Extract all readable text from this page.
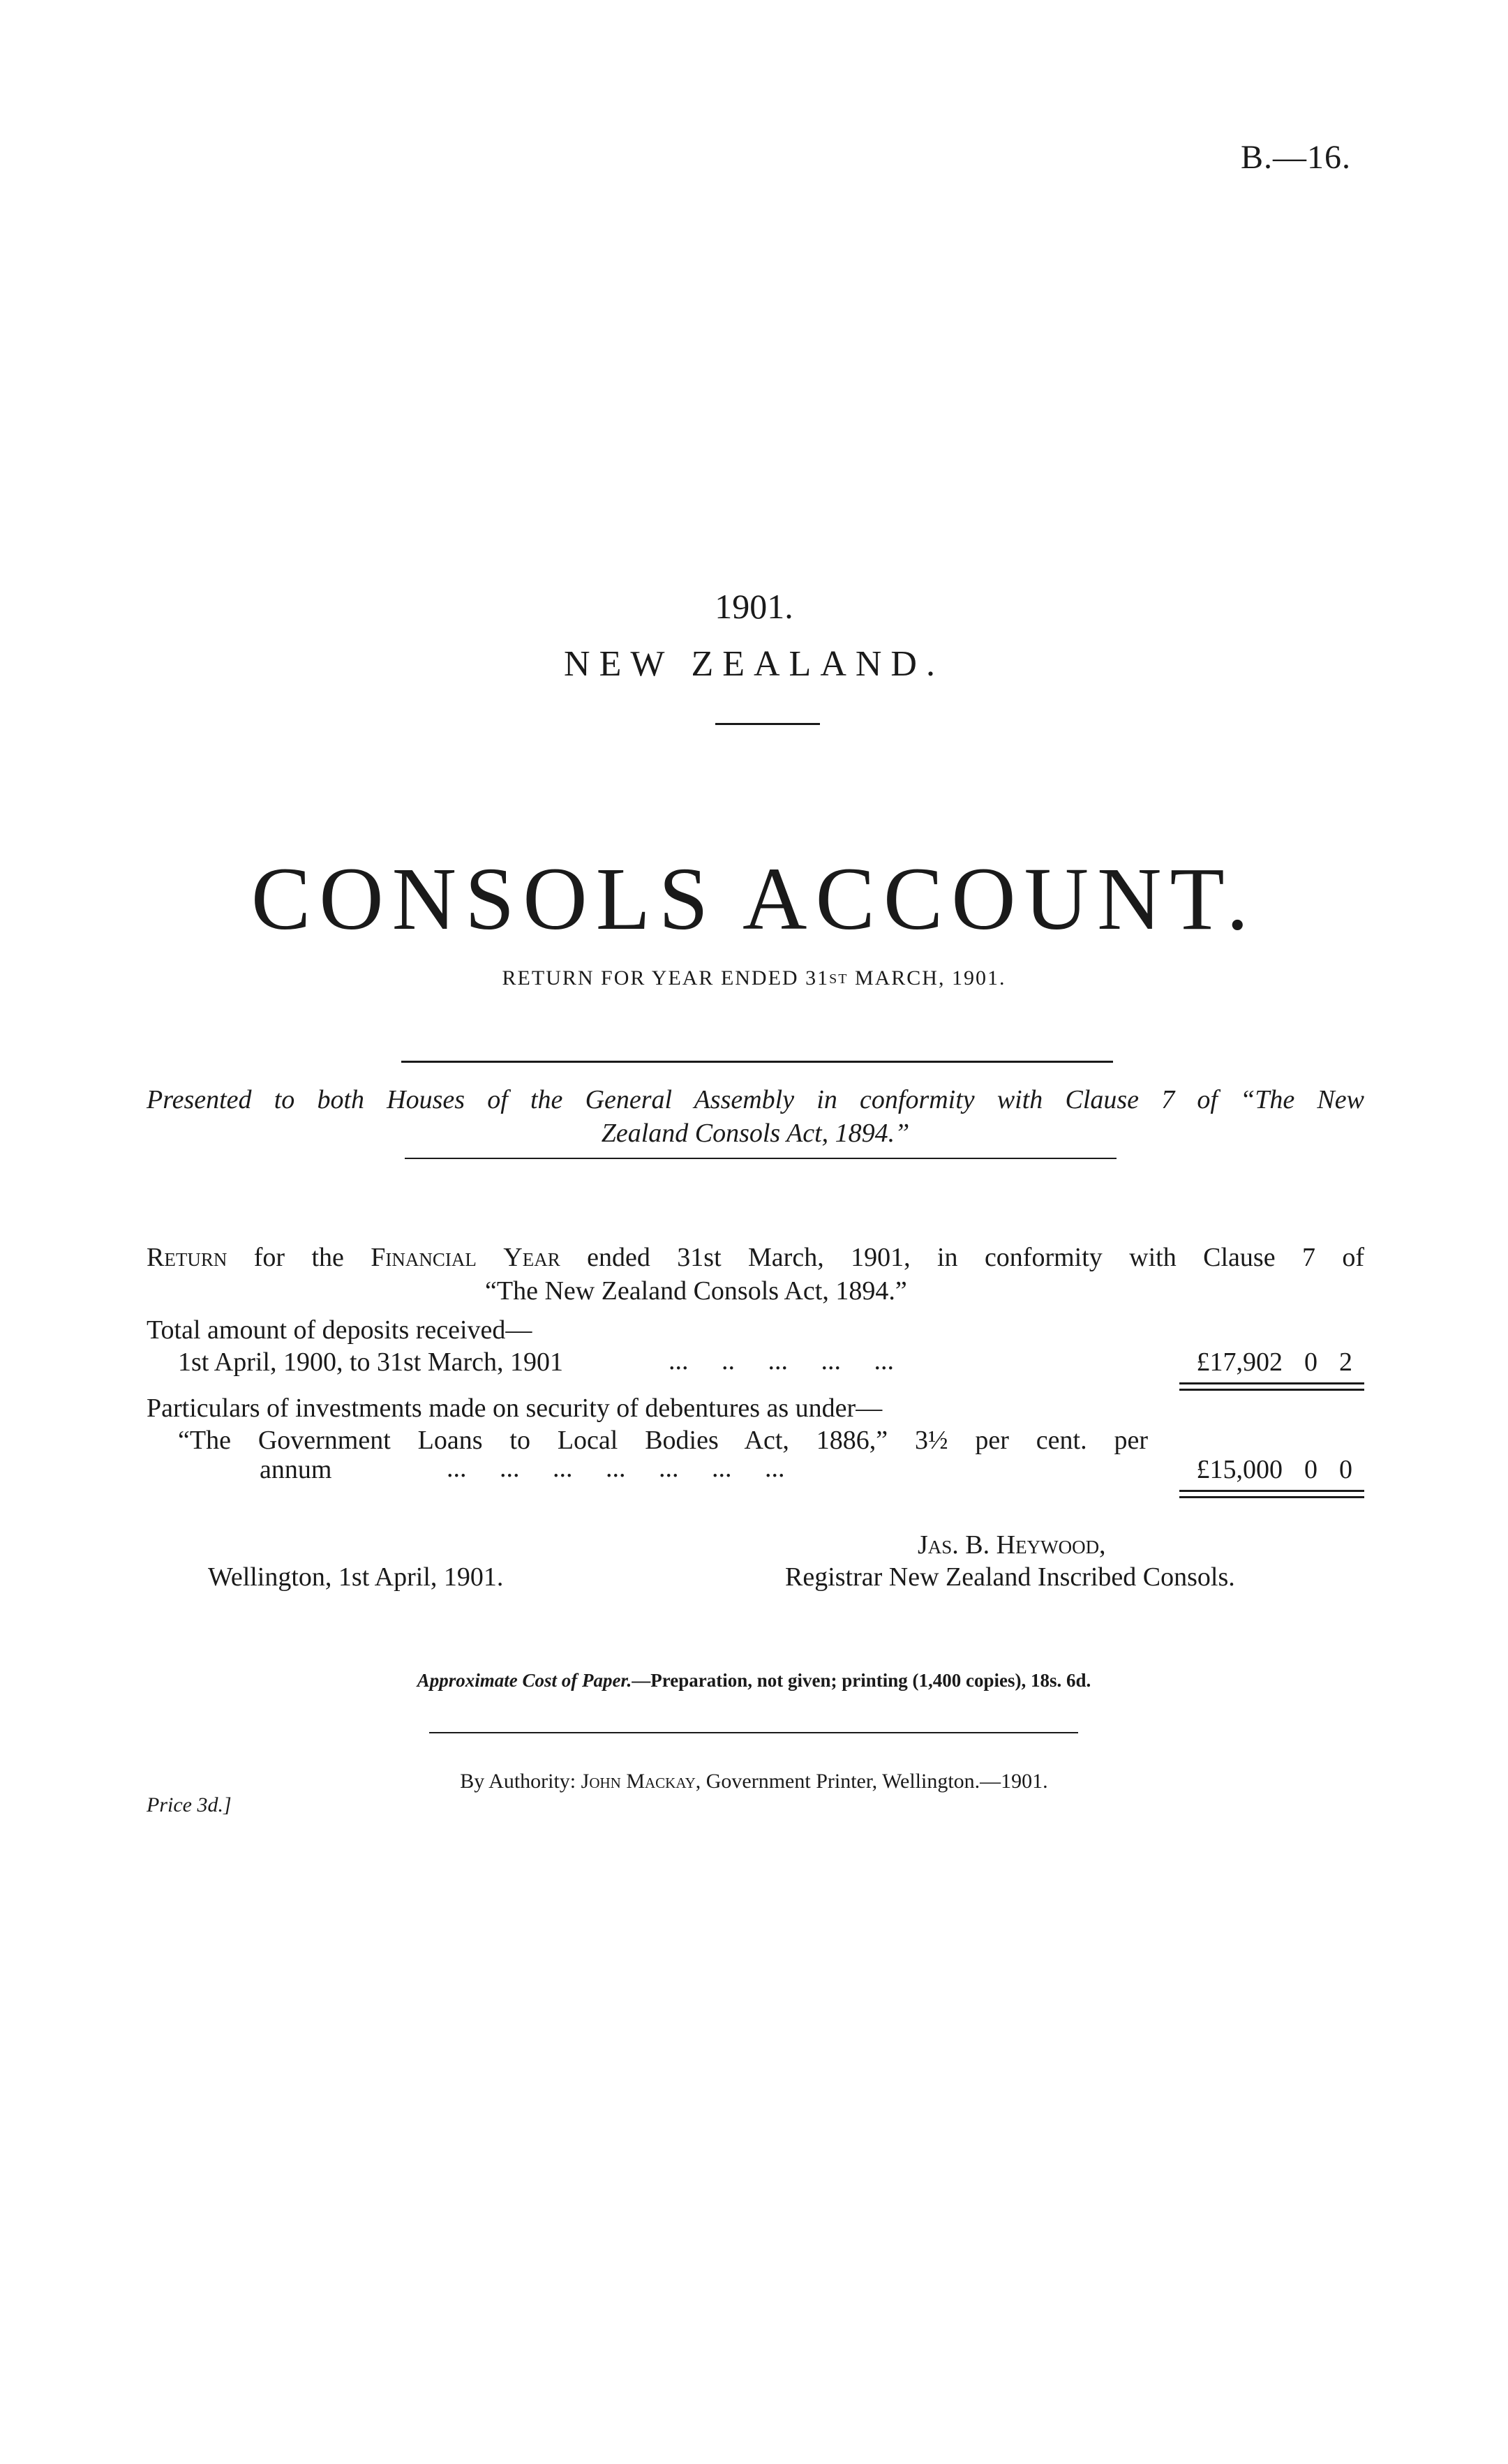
B.—16.
1901.
NEW ZEALAND.
CONSOLS ACCOUNT.
RETURN FOR YEAR ENDED 31ST MARCH, 1901.
Presented to both Houses of the General Assembly in conformity with Clause 7 of “The New
Zealand Consols Act, 1894.”
Return for the Financial Year ended 31st March, 1901, in conformity with Clause 7 of
“The New Zealand Consols Act, 1894.”
Total amount of deposits received—
1st April, 1900, to 31st March, 1901	...     ..     ...     ...     ...	£17,902 0 2
Particulars of investments made on security of debentures as under—
“The Government Loans to Local Bodies Act, 1886,” 3½ per cent. per
annum	...     ...     ...     ...     ...     ...     ...	£15,000 0 0
Jas. B. Heywood,
Registrar New Zealand Inscribed Consols.
Wellington, 1st April, 1901.
Approximate Cost of Paper.—Preparation, not given; printing (1,400 copies), 18s. 6d.
By Authority: John Mackay, Government Printer, Wellington.—1901.
Price 3d.]
